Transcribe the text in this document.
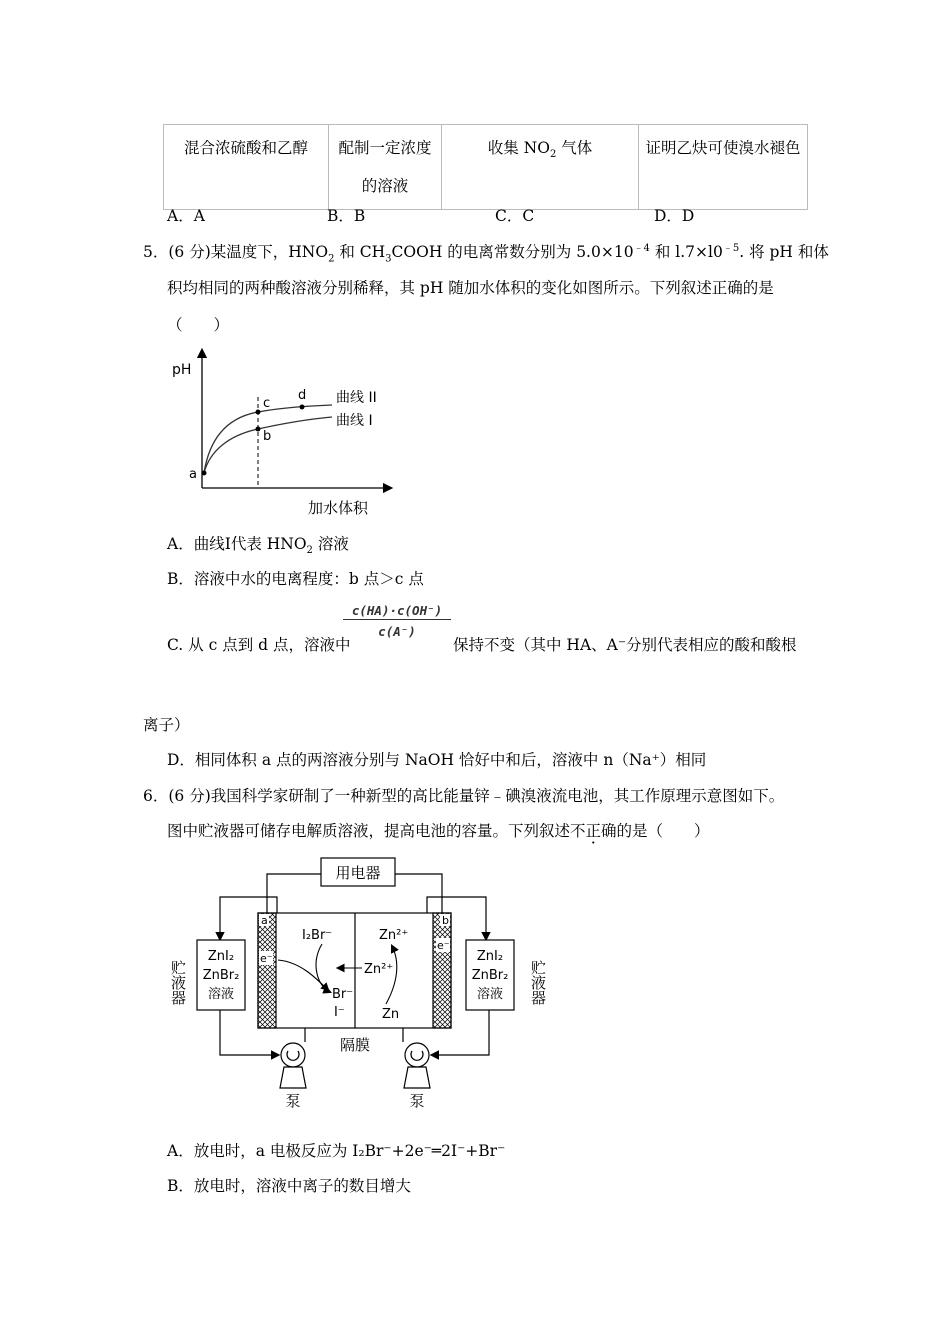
混合浓硫酸和乙醇	配制一定浓度
的溶液	收集 $NO_2$ 气体	证明乙炔可使溴水褪色
A．A	B．B	C．C	D．D
5．(6 分)某温度下，$HNO_2$ 和 $CH_3COOH$ 的电离常数分别为 $5.0\times 10^{﹣4}$ 和 $l.7\times l0^{﹣5}$. 将 pH 和体
积均相同的两种酸溶液分别稀释，其 pH 随加水体积的变化如图所示。下列叙述正确的是
（　　）
pH
加水体积
a
b
c
d 曲线 II
曲线 I
A．曲线Ⅰ代表 $HNO_2$ 溶液
B．溶液中水的电离程度：b 点＞c 点
C. 从 c 点到 d 点，溶液中
$\frac{c(HA)\cdot c(OH^-)}{c(A^-)}$
保持不变（其中 HA、A⁻分别代表相应的酸和酸根
离子）
D．相同体积 a 点的两溶液分别与 NaOH 恰好中和后，溶液中 n（Na⁺）相同
6．(6 分)我国科学家研制了一种新型的高比能量锌﹣碘溴液流电池，其工作原理示意图如下。
图中贮液器可储存电解质溶液，提高电池的容量。下列叙述不正确的是（　　）
用电器
a	b
e⁻
e⁻
I₂Br⁻
Br⁻
I⁻
Zn²⁺
Zn²⁺
Zn
隔膜
ZnI₂
ZnBr₂
溶液
ZnI₂
ZnBr₂
溶液
贮液器	贮液器
泵	泵
A．放电时，a 电极反应为 I₂Br⁻+2e⁻═2I⁻+Br⁻
B．放电时，溶液中离子的数目增大
